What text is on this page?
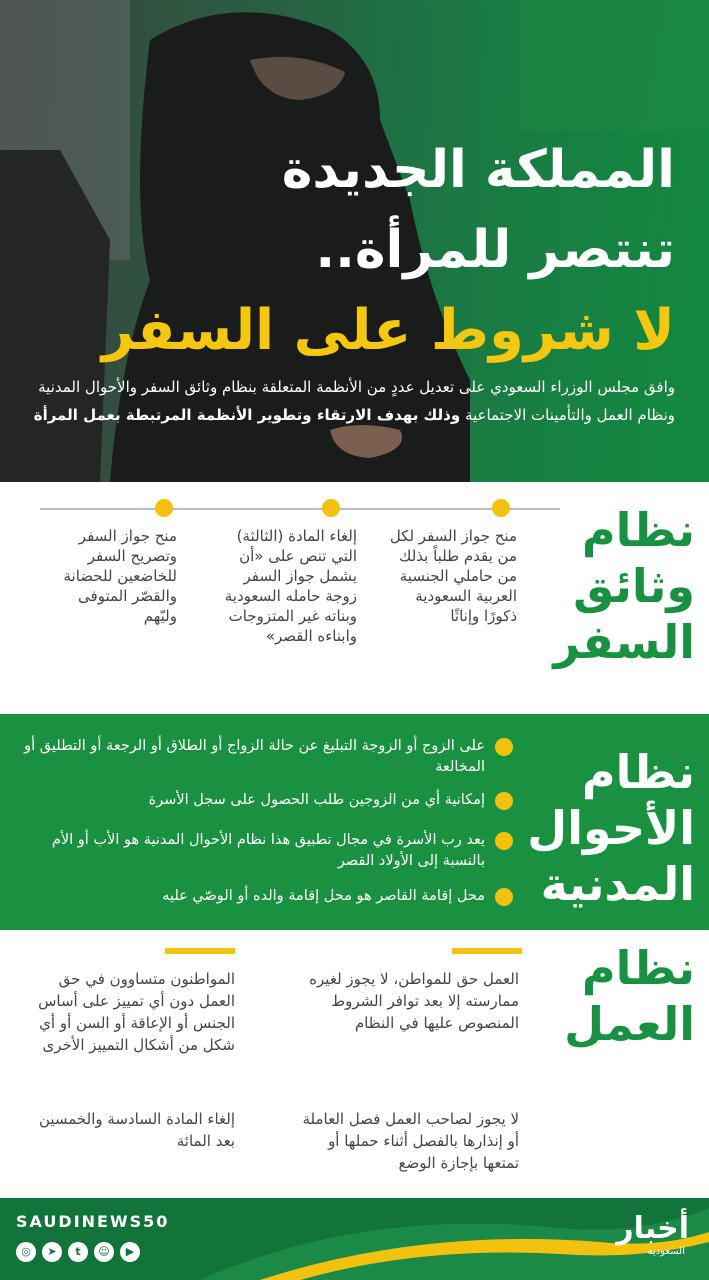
المملكة الجديدة
تنتصر للمرأة..
لا شروط على السفر
وافق مجلس الوزراء السعودي على تعديل عددٍ من الأنظمة المتعلقة بنظام وثائق السفر والأحوال المدنية ونظام العمل والتأمينات الاجتماعية وذلك بهدف الارتقاء وتطوير الأنظمة المرتبطة بعمل المرأة
نظام وثائق السفر
منح جواز السفر لكل من يقدم طلباً بذلك من حاملي الجنسية العربية السعودية ذكورًا وإناثًا
إلغاء المادة (الثالثة) التي تنص على «أن يشمل جواز السفر زوجة حامله السعودية وبناته غير المتزوجات وابناءه القصر»
منح جواز السفر وتصريح السفر للخاضعين للحضانة والقصّر المتوفى وليّهم
نظام الأحوال المدنية
على الزوج أو الزوجة التبليغ عن حالة الزواج أو الطلاق أو الرجعة أو التطليق أو المخالعة
إمكانية أي من الزوجين طلب الحصول على سجل الأسرة
يعد رب الأسرة في مجال تطبيق هذا نظام الأحوال المدنية هو الأب أو الأم بالنسبة إلى الأولاد القصر
محل إقامة القاصر هو محل إقامة والده أو الوصّي عليه
نظام العمل
العمل حق للمواطن، لا يجوز لغيره ممارسته إلا بعد توافر الشروط المنصوص عليها في النظام
المواطنون متساوون في حق العمل دون أي تمييز على أساس الجنس أو الإعاقة أو السن أو أي شكل من أشكال التمييز الأخرى
لا يجوز لصاحب العمل فصل العاملة أو إنذارها بالفصل أثناء حملها أو تمتعها بإجازة الوضع
إلغاء المادة السادسة والخمسين بعد المائة
SAUDINEWS50
◎	➤	t	☺	▶
أخبار
السعودية
